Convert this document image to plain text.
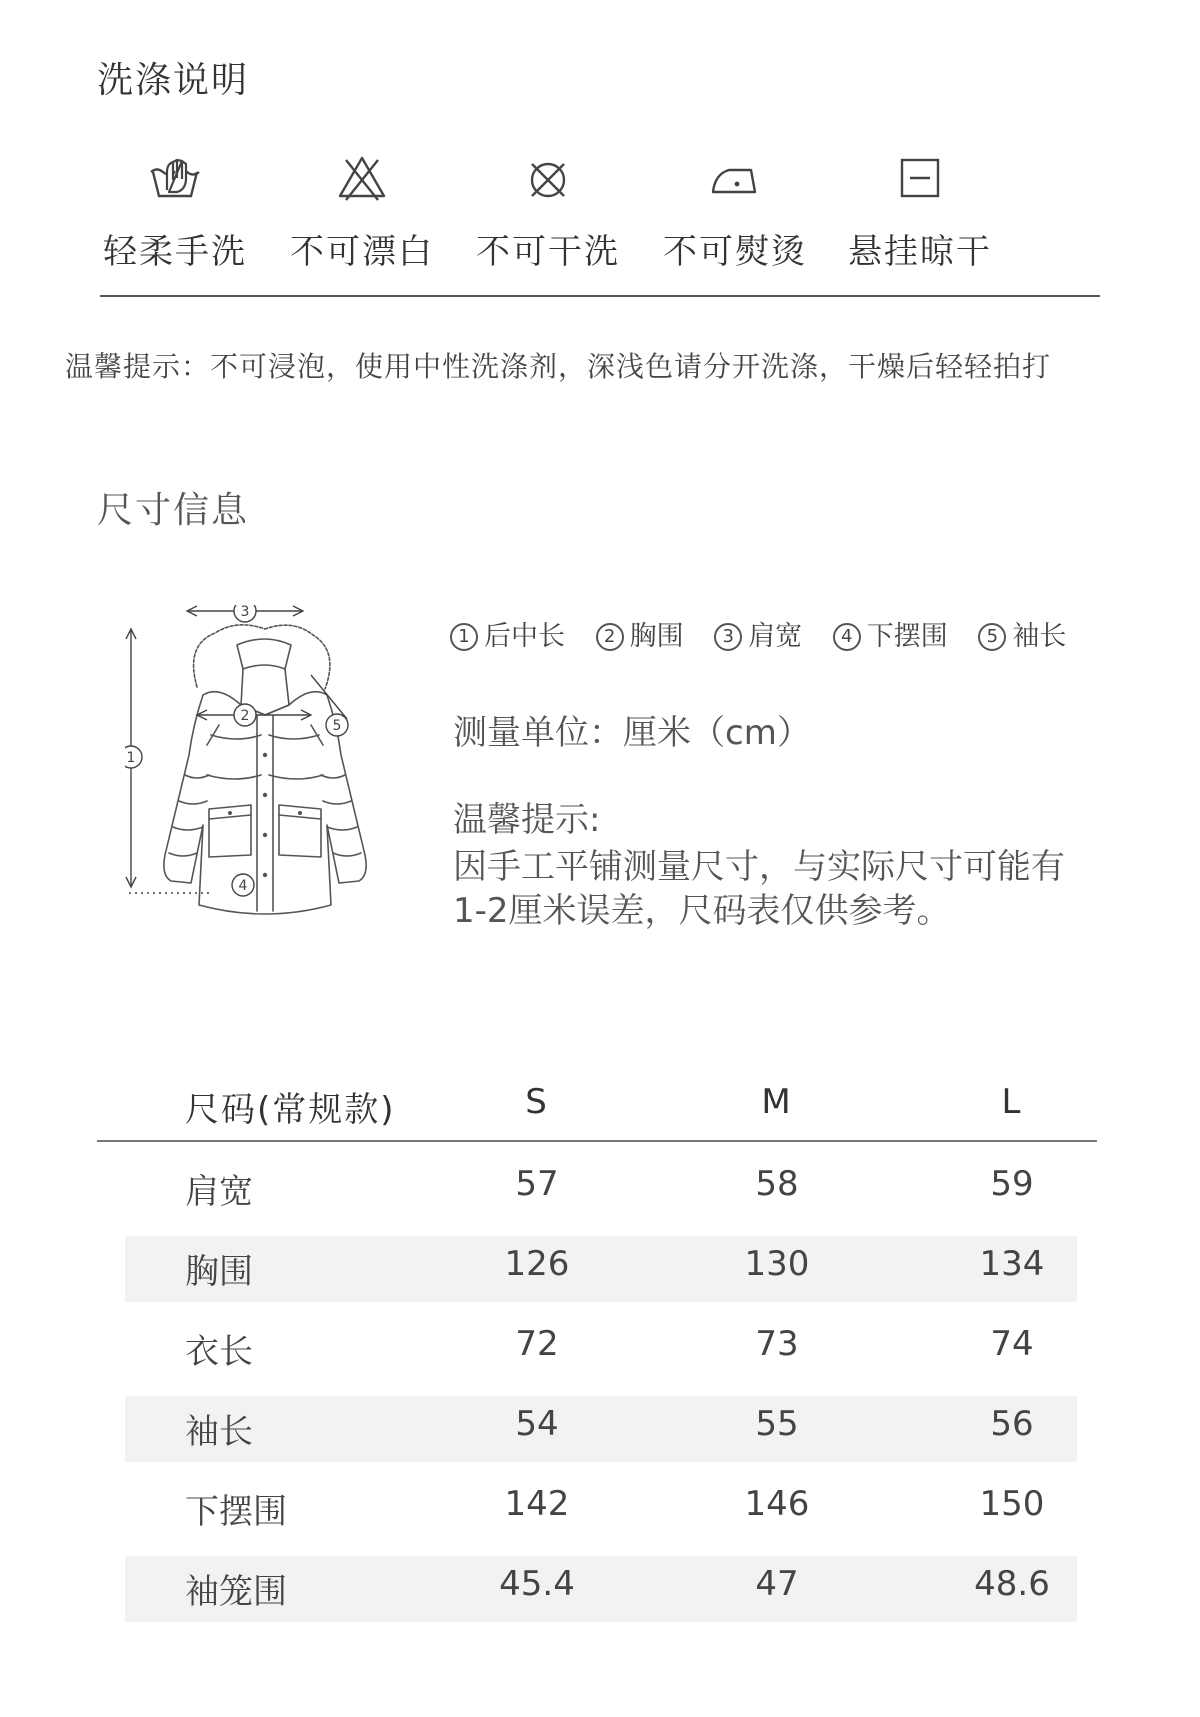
洗涤说明
轻柔手洗	不可漂白	不可干洗	不可熨烫	悬挂晾干
温馨提示：不可浸泡，使用中性洗涤剂，深浅色请分开洗涤，干燥后轻轻拍打
尺寸信息
1
3
2
4
5
1 后中长 2 胸围 3 肩宽 4 下摆围 5 袖长
测量单位：厘米（cm）
温馨提示:
因手工平铺测量尺寸，与实际尺寸可能有1-2厘米误差，尺码表仅供参考。
尺码(常规款)	S	M	L
肩宽	57	58	59
胸围	126	130	134
衣长	72	73	74
袖长	54	55	56
下摆围	142	146	150
袖笼围	45.4	47	48.6
